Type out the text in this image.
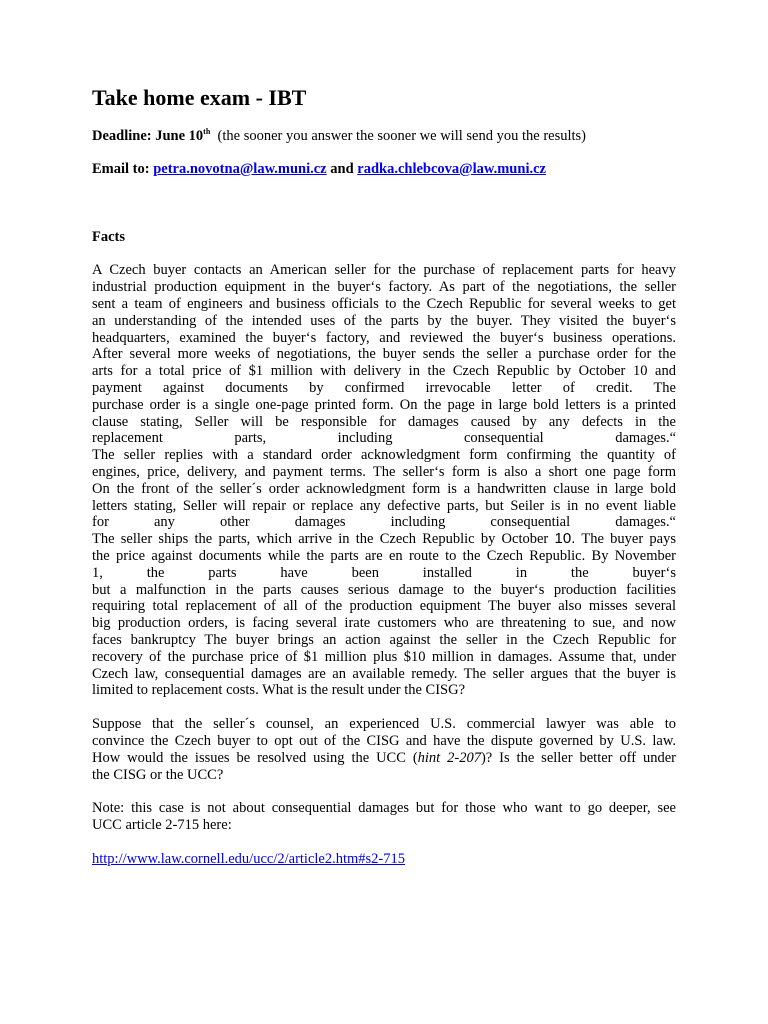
Take home exam - IBT

Deadline: June 10th (the sooner you answer the sooner we will send you the results)

Email to: petra.novotna@law.muni.cz and radka.chlebcova@law.muni.cz

Facts

A Czech buyer contacts an American seller for the purchase of replacement parts for heavy
industrial production equipment in the buyer‘s factory. As part of the negotiations, the seller
sent a team of engineers and business officials to the Czech Republic for several weeks to get
an understanding of the intended uses of the parts by the buyer. They visited the buyer‘s
headquarters, examined the buyer‘s factory, and reviewed the buyer‘s business operations.
After several more weeks of negotiations, the buyer sends the seller a purchase order for the
arts for a total price of $1 million with delivery in the Czech Republic by October 10 and
payment against documents by confirmed irrevocable letter of credit. The
purchase order is a single one-page printed form. On the page in large bold letters is a printed
clause stating, Seller will be responsible for damages caused by any defects in the
replacement parts, including consequential damages.“
The seller replies with a standard order acknowledgment form confirming the quantity of
engines, price, delivery, and payment terms. The seller‘s form is also a short one page form
On the front of the seller´s order acknowledgment form is a handwritten clause in large bold
letters stating, Seller will repair or replace any defective parts, but Seiler is in no event liable
for any other damages including consequential damages.“
The seller ships the parts, which arrive in the Czech Republic by October 10. The buyer pays
the price against documents while the parts are en route to the Czech Republic. By November
1, the parts have been installed in the buyer‘s
but a malfunction in the parts causes serious damage to the buyer‘s production facilities
requiring total replacement of all of the production equipment The buyer also misses several
big production orders, is facing several irate customers who are threatening to sue, and now
faces bankruptcy The buyer brings an action against the seller in the Czech Republic for
recovery of the purchase price of $1 million plus $10 million in damages. Assume that, under
Czech law, consequential damages are an available remedy. The seller argues that the buyer is
limited to replacement costs. What is the result under the CISG?
Suppose that the seller´s counsel, an experienced U.S. commercial lawyer was able to
convince the Czech buyer to opt out of the CISG and have the dispute governed by U.S. law.
How would the issues be resolved using the UCC (hint 2-207)? Is the seller better off under
the CISG or the UCC?
Note: this case is not about consequential damages but for those who want to go deeper, see
UCC article 2-715 here:

http://www.law.cornell.edu/ucc/2/article2.htm#s2-715
